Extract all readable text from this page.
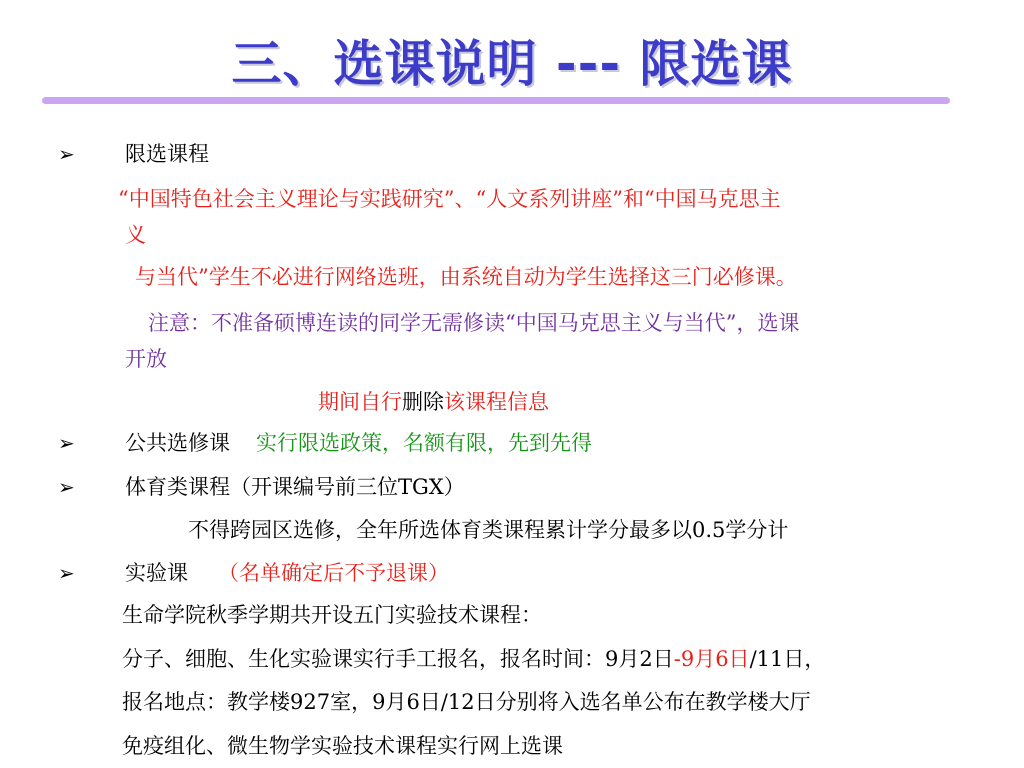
三、选课说明 --- 限选课
➢ 限选课程
“中国特色社会主义理论与实践研究”、“人文系列讲座”和“中国马克思主
义
与当代”学生不必进行网络选班，由系统自动为学生选择这三门必修课。
注意：不准备硕博连读的同学无需修读“中国马克思主义与当代”，选课
开放
期间自行删除该课程信息
➢ 公共选修课 实行限选政策，名额有限，先到先得
➢ 体育类课程（开课编号前三位TGX）
不得跨园区选修，全年所选体育类课程累计学分最多以0.5学分计
➢ 实验课 （名单确定后不予退课）
生命学院秋季学期共开设五门实验技术课程：
分子、细胞、生化实验课实行手工报名，报名时间：9月2日-9月6日/11日，
报名地点：教学楼927室，9月6日/12日分别将入选名单公布在教学楼大厅
免疫组化、微生物学实验技术课程实行网上选课
